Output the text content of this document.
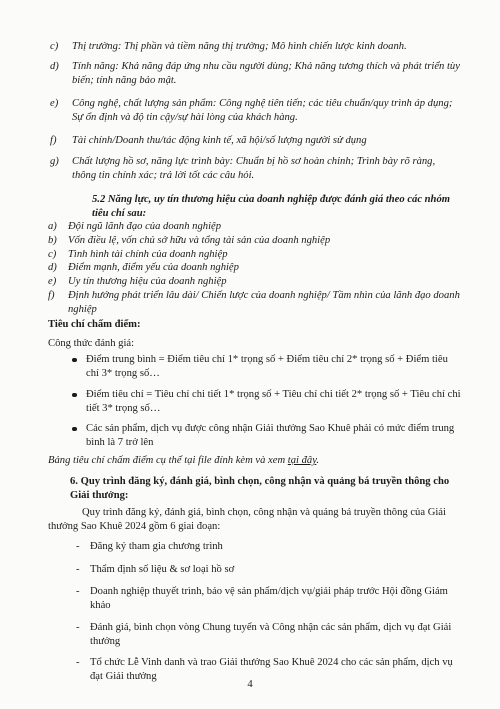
c)	Thị trường: Thị phần và tiềm năng thị trường; Mô hình chiến lược kinh doanh.
d)	Tính năng: Khả năng đáp ứng nhu cầu người dùng; Khả năng tương thích và phát triển tùy biến; tính năng bảo mật.
e)	Công nghệ, chất lượng sản phẩm: Công nghệ tiên tiến; các tiêu chuẩn/quy trình áp dụng; Sự ổn định và độ tin cậy/sự hài lòng của khách hàng.
f)	Tài chính/Doanh thu/tác động kinh tế, xã hội/số lượng người sử dụng
g)	Chất lượng hồ sơ, năng lực trình bày: Chuẩn bị hồ sơ hoàn chỉnh; Trình bày rõ ràng, thông tin chính xác; trả lời tốt các câu hỏi.
5.2 Năng lực, uy tín thương hiệu của doanh nghiệp được đánh giá theo các nhóm tiêu chí sau:
a)	Đội ngũ lãnh đạo của doanh nghiệp
b)	Vốn điều lệ, vốn chủ sở hữu và tổng tài sản của doanh nghiệp
c)	Tình hình tài chính của doanh nghiệp
d)	Điểm mạnh, điểm yếu của doanh nghiệp
e)	Uy tín thương hiệu của doanh nghiệp
f)	Định hướng phát triển lâu dài/ Chiến lược của doanh nghiệp/ Tầm nhìn của lãnh đạo doanh nghiệp
Tiêu chí chấm điểm:
Công thức đánh giá:
Điểm trung bình = Điểm tiêu chí 1* trọng số + Điểm tiêu chí 2* trọng số + Điểm tiêu chí 3* trọng số…
Điểm tiêu chí = Tiêu chí chi tiết 1* trọng số + Tiêu chí chi tiết 2* trọng số + Tiêu chí chi tiết 3* trọng số…
Các sản phẩm, dịch vụ được công nhận Giải thưởng Sao Khuê phải có mức điểm trung bình là 7 trở lên
Bảng tiêu chí chấm điểm cụ thể tại file đính kèm và xem tại đây.
6. Quy trình đăng ký, đánh giá, bình chọn, công nhận và quảng bá truyền thông cho Giải thưởng:
Quy trình đăng ký, đánh giá, bình chọn, công nhận và quảng bá truyền thông của Giải thưởng Sao Khuê 2024 gồm 6 giai đoạn:
- Đăng ký tham gia chương trình
- Thẩm định số liệu & sơ loại hồ sơ
- Doanh nghiệp thuyết trình, bảo vệ sản phẩm/dịch vụ/giải pháp trước Hội đồng Giám khảo
- Đánh giá, bình chọn vòng Chung tuyển và Công nhận các sản phẩm, dịch vụ đạt Giải thưởng
- Tổ chức Lễ Vinh danh và trao Giải thưởng Sao Khuê 2024 cho các sản phẩm, dịch vụ đạt Giải thưởng
4
